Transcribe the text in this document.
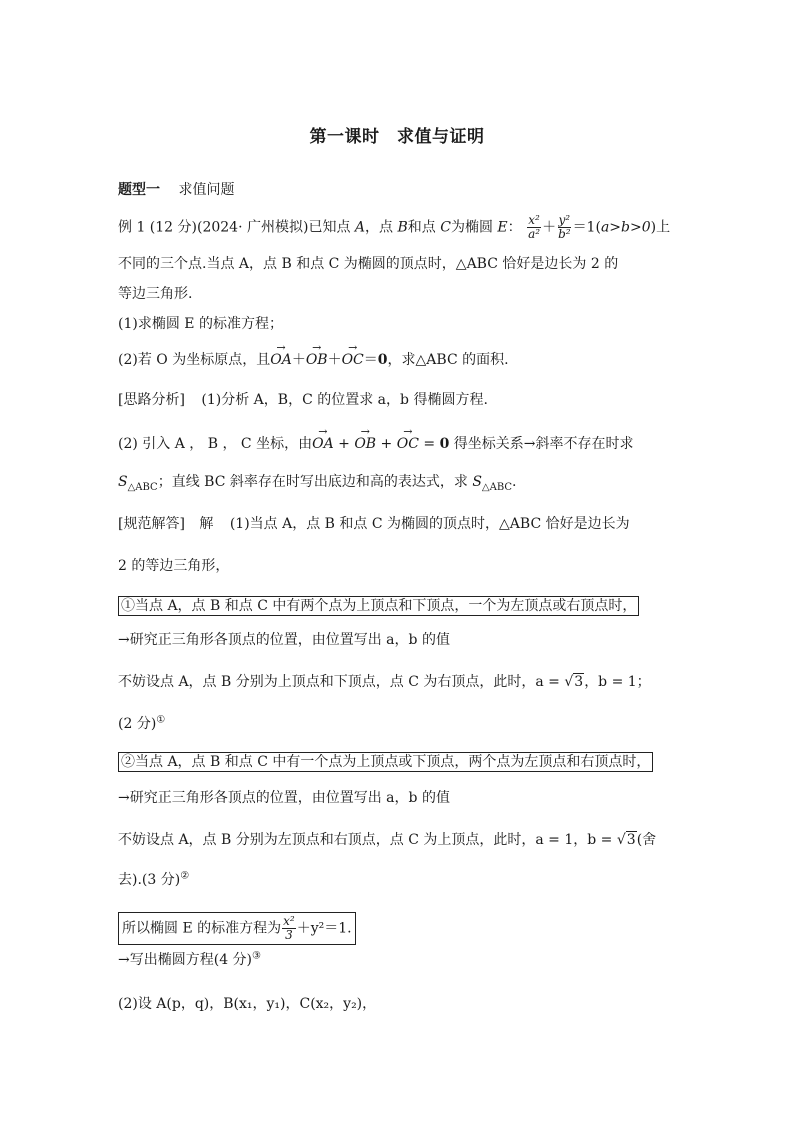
第一课时　求值与证明
题型一 求值问题
例 1 (12 分)(2024· 广州模拟)已知点 A，点 B和点 C为椭圆 E： $\frac{\text{x²}}{\text{a²}} + \frac{\text{y²}}{\text{b²}} =1(a>b>0)$上
不同的三个点.当点 A，点 B 和点 C 为椭圆的顶点时，△ABC 恰好是边长为 2 的
等边三角形.
(1)求椭圆 E 的标准方程；
(2)若 O 为坐标原点，且→ OA＋→ OB＋→ OC＝0，求△ABC 的面积.
[思路分析] (1)分析 A，B，C 的位置求 a，b 得椭圆方程.
(2) 引入 A ， B ， C 坐标，由→ OA + → OB + → OC = 0 得坐标关系→斜率不存在时求
$S_{\triangle ABC}$；直线 BC 斜率存在时写出底边和高的表达式，求 $S_{\triangle ABC}$.
[规范解答] 解 (1)当点 A，点 B 和点 C 为椭圆的顶点时，△ABC 恰好是边长为
2 的等边三角形，
①当点 A，点 B 和点 C 中有两个点为上顶点和下顶点，一个为左顶点或右顶点时，
→研究正三角形各顶点的位置，由位置写出 a，b 的值
不妨设点 A，点 B 分别为上顶点和下顶点，点 C 为右顶点，此时，a = √3，b = 1；
(2 分)①
②当点 A，点 B 和点 C 中有一个点为上顶点或下顶点，两个点为左顶点和右顶点时，
→研究正三角形各顶点的位置，由位置写出 a，b 的值
不妨设点 A，点 B 分别为左顶点和右顶点，点 C 为上顶点，此时，a = 1，b = √3(舍
去).(3 分)②
所以椭圆 E 的标准方程为 $\frac{\text{x²}}{3} +y^2=1$.
→写出椭圆方程(4 分)③
(2)设 A(p，q)，B(x₁，y₁)，C(x₂，y₂)，
